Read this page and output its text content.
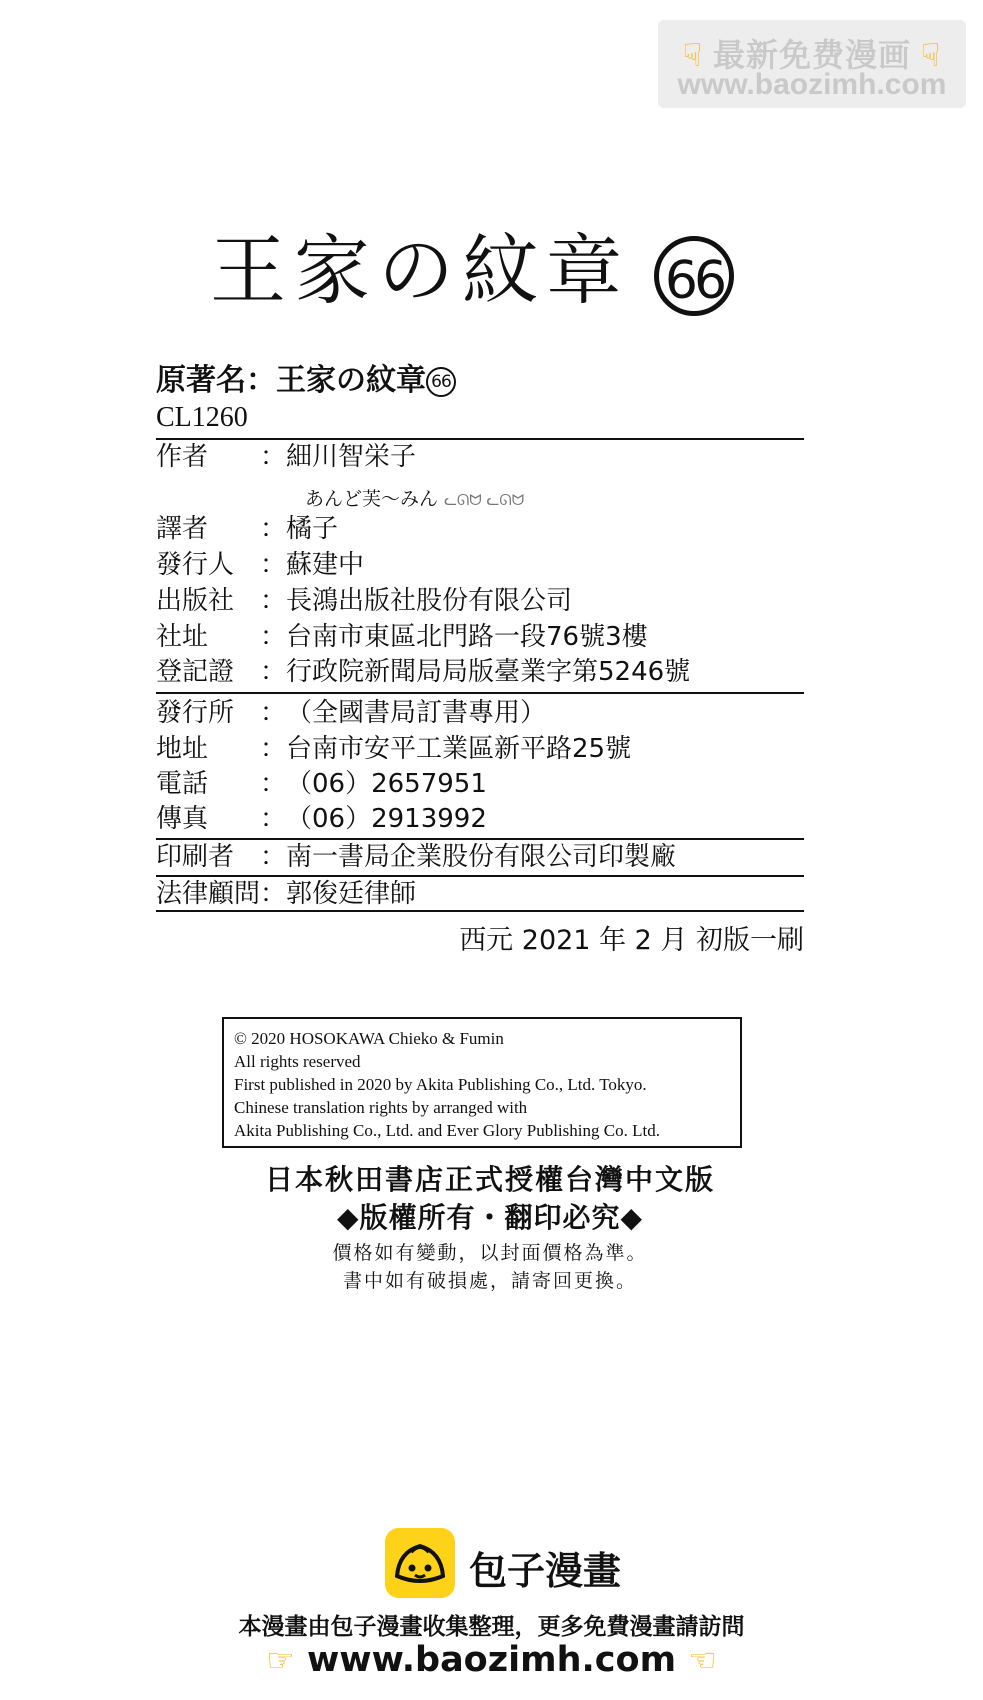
☟ 最新免费漫画 ☟
www.baozimh.com
王家の紋章 66
原著名：王家の紋章 66
CL1260
作者 ： 細川智栄子
あんど芙〜みん ᓚᘏᗢ ᓚᘏᗢ
譯者 ： 橘子
發行人 ： 蘇建中
出版社 ： 長鴻出版社股份有限公司
社址 ： 台南市東區北門路一段76號3樓
登記證 ： 行政院新聞局局版臺業字第5246號
發行所 ： （全國書局訂書專用）
地址 ： 台南市安平工業區新平路25號
電話 ： （06）2657951
傳真 ： （06）2913992
印刷者 ： 南一書局企業股份有限公司印製廠
法律顧問 ： 郭俊廷律師
西元 2021 年 2 月 初版一刷
© 2020 HOSOKAWA Chieko & Fumin
All rights reserved
First published in 2020 by Akita Publishing Co., Ltd. Tokyo.
Chinese translation rights by arranged with
Akita Publishing Co., Ltd. and Ever Glory Publishing Co. Ltd.
日本秋田書店正式授權台灣中文版
◆版權所有・翻印必究◆
價格如有變動，以封面價格為準。
書中如有破損處，請寄回更換。
包子漫畫
本漫畫由包子漫畫收集整理，更多免費漫畫請訪問
☞ www.baozimh.com ☜
